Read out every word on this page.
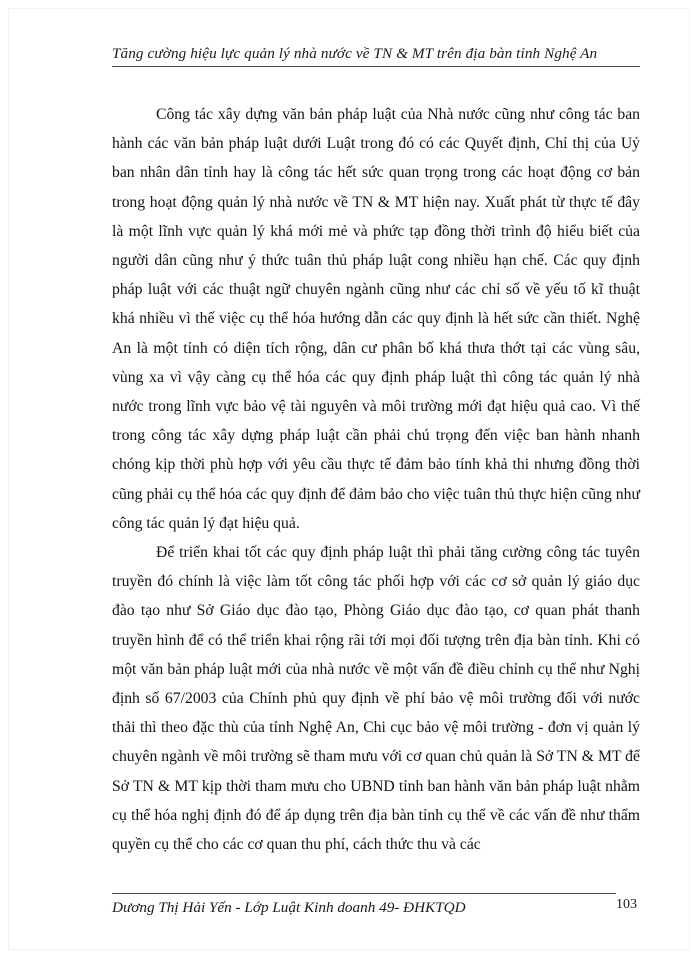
Tăng cường hiệu lực quản lý nhà nước về TN & MT trên địa bàn tỉnh Nghệ An

Công tác xây dựng văn bản pháp luật của Nhà nước cũng như công tác ban hành các văn bản pháp luật dưới Luật trong đó có các Quyết định, Chỉ thị của Uỷ ban nhân dân tỉnh hay là công tác hết sức quan trọng trong các hoạt động cơ bản trong hoạt động quản lý nhà nước về TN & MT hiện nay. Xuất phát từ thực tế đây là một lĩnh vực quản lý khá mới mẻ và phức tạp đồng thời trình độ hiểu biết của người dân cũng như ý thức tuân thủ pháp luật cong nhiều hạn chế. Các quy định pháp luật với các thuật ngữ chuyên ngành cũng như các chỉ số về yếu tố kĩ thuật khá nhiều vì thế việc cụ thể hóa hướng dẫn các quy định là hết sức cần thiết. Nghệ An là một tỉnh có diện tích rộng, dân cư phân bố khá thưa thớt tại các vùng sâu, vùng xa vì vậy càng cụ thể hóa các quy định pháp luật thì công tác quản lý nhà nước trong lĩnh vực bảo vệ tài nguyên và môi trường mới đạt hiệu quả cao. Vì thế trong công tác xây dựng pháp luật cần phải chú trọng đến việc ban hành nhanh chóng kịp thời phù hợp với yêu cầu thực tế đảm bảo tính khả thi nhưng đồng thời cũng phải cụ thể hóa các quy định để đảm bảo cho việc tuân thủ thực hiện cũng như công tác quản lý đạt hiệu quả.

Để triển khai tốt các quy định pháp luật thì phải tăng cường công tác tuyên truyền đó chính là việc làm tốt công tác phối hợp với các cơ sở quản lý giáo dục đào tạo như Sở Giáo dục đào tạo, Phòng Giáo dục đào tạo, cơ quan phát thanh truyền hình để có thể triển khai rộng rãi tới mọi đối tượng trên địa bàn tỉnh. Khi có một văn bản pháp luật mới của nhà nước về một vấn đề điều chỉnh cụ thể như Nghị định số 67/2003 của Chính phủ quy định về phí bảo vệ môi trường đối với nước thải thì theo đặc thù của tỉnh Nghệ An, Chi cục bảo vệ môi trường - đơn vị quản lý chuyên ngành về môi trường sẽ tham mưu với cơ quan chủ quản là Sở TN & MT để Sở TN & MT kịp thời tham mưu cho UBND tỉnh ban hành văn bản pháp luật nhằm cụ thể hóa nghị định đó để áp dụng trên địa bàn tỉnh cụ thể về các vấn đề như thẩm quyền cụ thể cho các cơ quan thu phí, cách thức thu và các

Dương Thị Hải Yến - Lớp Luật Kinh doanh 49- ĐHKTQD	103
